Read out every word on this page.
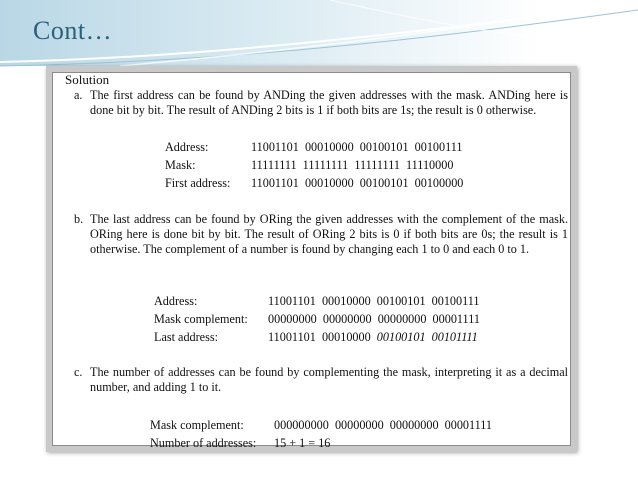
Cont…
Solution
a. The first address can be found by ANDing the given addresses with the mask. ANDing here is done bit by bit. The result of ANDing 2 bits is 1 if both bits are 1s; the result is 0 otherwise.
Address:	11001101  00010000  00100101  00100111
Mask:	11111111  11111111  11111111  11110000
First address: 11001101  00010000  00100101  00100000
b. The last address can be found by ORing the given addresses with the complement of the mask. ORing here is done bit by bit. The result of ORing 2 bits is 0 if both bits are 0s; the result is 1 otherwise. The complement of a number is found by changing each 1 to 0 and each 0 to 1.
Address:	11001101  00010000  00100101  00100111
Mask complement: 00000000  00000000  00000000  00001111
Last address:	11001101  00010000 00100101  00101111
c. The number of addresses can be found by complementing the mask, interpreting it as a decimal number, and adding 1 to it.
Mask complement: 000000000  00000000  00000000  00001111
Number of addresses: 15 + 1 = 16
